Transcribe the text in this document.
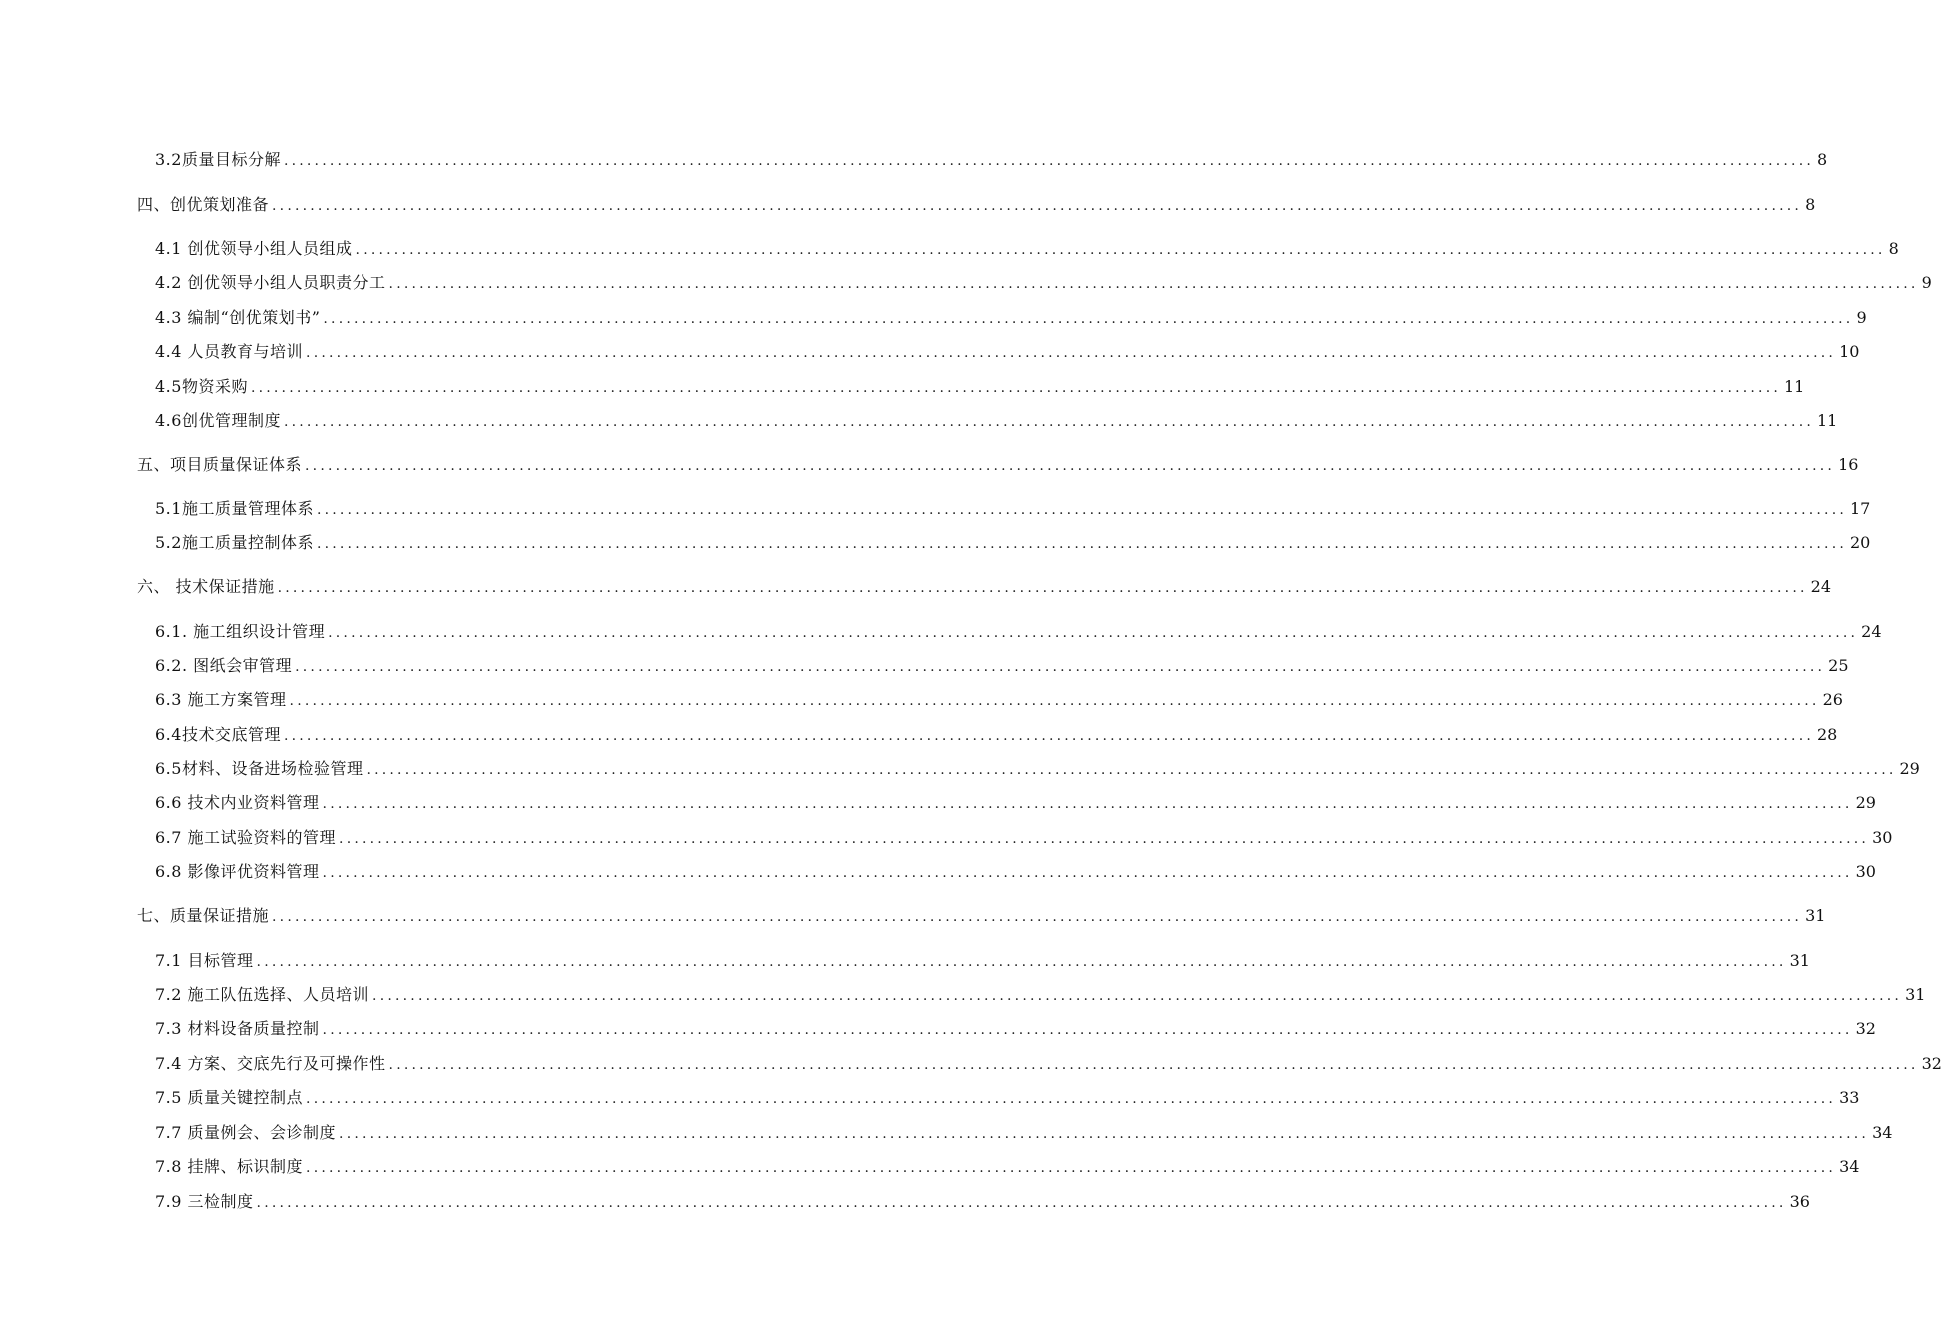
3.2质量目标分解 ........................................................................................................................................................................................................ 8
四、创优策划准备 ........................................................................................................................................................................................................ 8
4.1 创优领导小组人员组成 ........................................................................................................................................................................................................ 8
4.2 创优领导小组人员职责分工 ........................................................................................................................................................................................................ 9
4.3 编制“创优策划书” ........................................................................................................................................................................................................ 9
4.4 人员教育与培训 ........................................................................................................................................................................................................ 10
4.5物资采购 ........................................................................................................................................................................................................ 11
4.6创优管理制度 ........................................................................................................................................................................................................ 11
五、项目质量保证体系 ........................................................................................................................................................................................................ 16
5.1施工质量管理体系 ........................................................................................................................................................................................................ 17
5.2施工质量控制体系 ........................................................................................................................................................................................................ 20
六、 技术保证措施 ........................................................................................................................................................................................................ 24
6.1. 施工组织设计管理 ........................................................................................................................................................................................................ 24
6.2. 图纸会审管理 ........................................................................................................................................................................................................ 25
6.3 施工方案管理 ........................................................................................................................................................................................................ 26
6.4技术交底管理 ........................................................................................................................................................................................................ 28
6.5材料、设备进场检验管理 ........................................................................................................................................................................................................ 29
6.6 技术内业资料管理 ........................................................................................................................................................................................................ 29
6.7 施工试验资料的管理 ........................................................................................................................................................................................................ 30
6.8 影像评优资料管理 ........................................................................................................................................................................................................ 30
七、质量保证措施 ........................................................................................................................................................................................................ 31
7.1 目标管理 ........................................................................................................................................................................................................ 31
7.2 施工队伍选择、人员培训 ........................................................................................................................................................................................................ 31
7.3 材料设备质量控制 ........................................................................................................................................................................................................ 32
7.4 方案、交底先行及可操作性 ........................................................................................................................................................................................................ 32
7.5 质量关键控制点 ........................................................................................................................................................................................................ 33
7.7 质量例会、会诊制度 ........................................................................................................................................................................................................ 34
7.8 挂牌、标识制度 ........................................................................................................................................................................................................ 34
7.9 三检制度 ........................................................................................................................................................................................................ 36
